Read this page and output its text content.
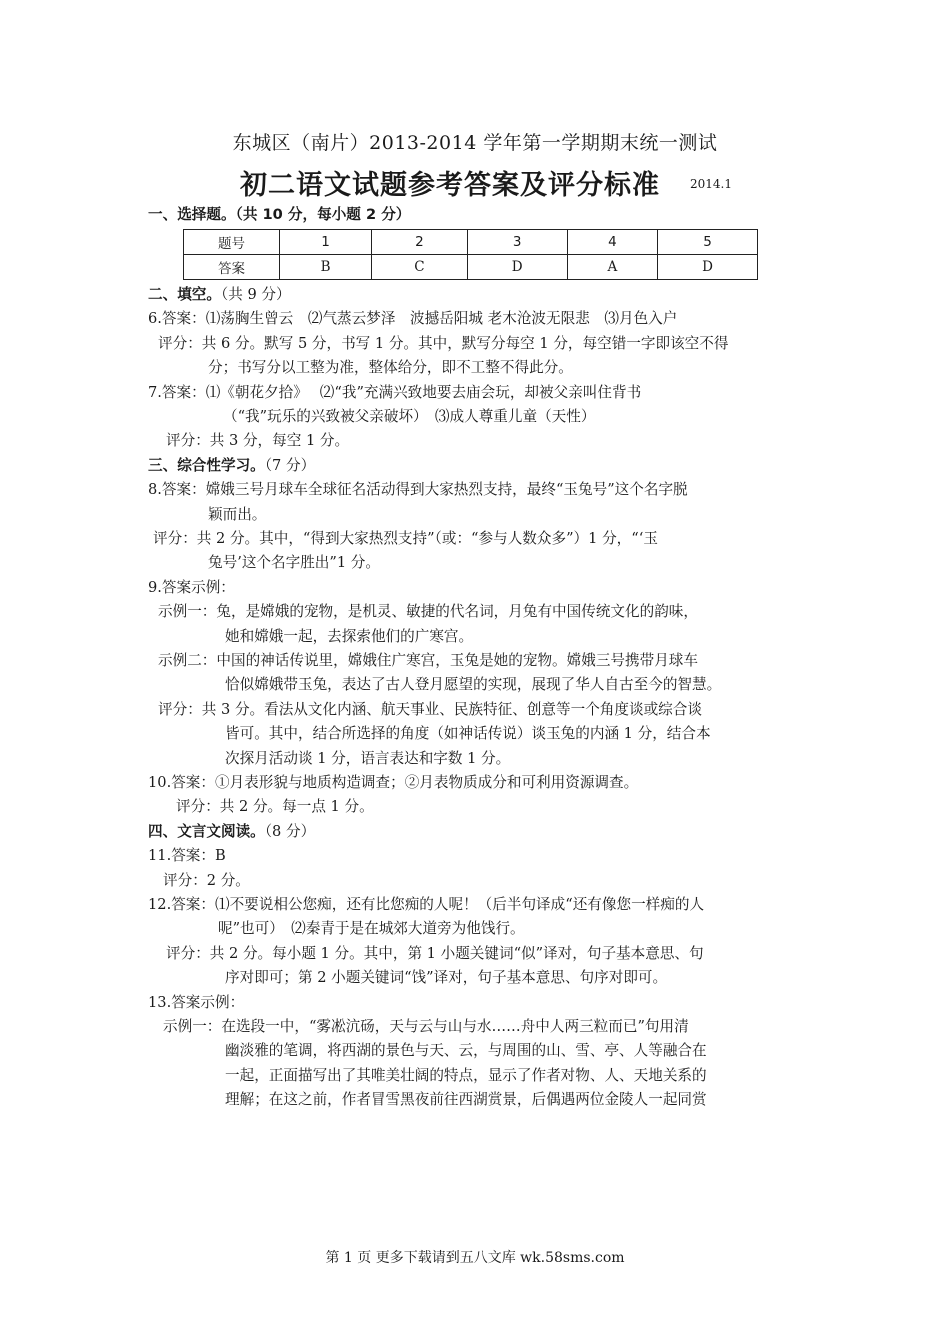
东城区（南片）2013-2014 学年第一学期期末统一测试
初二语文试题参考答案及评分标准	2014.1
一、选择题。（共 10 分，每小题 2 分）
题号	1	2	3	4	5
答案	B	C	D	A	D
二、填空。（共 9 分）
6.答案：⑴荡胸生曾云　⑵气蒸云梦泽　波撼岳阳城 老木沧波无限悲　⑶月色入户
评分：共 6 分。默写 5 分，书写 1 分。其中，默写分每空 1 分，每空错一字即该空不得
分；书写分以工整为准，整体给分，即不工整不得此分。
7.答案：⑴《朝花夕拾》　 ⑵“我”充满兴致地要去庙会玩，却被父亲叫住背书
（“我”玩乐的兴致被父亲破坏）　⑶成人尊重儿童（天性）
评分：共 3 分，每空 1 分。
三、综合性学习。（7 分）
8.答案：嫦娥三号月球车全球征名活动得到大家热烈支持，最终“玉兔号”这个名字脱
颖而出。
评分：共 2 分。其中，“得到大家热烈支持”（或：“参与人数众多”）1 分，“‘玉
兔号’这个名字胜出”1 分。
9.答案示例：
示例一：兔，是嫦娥的宠物，是机灵、敏捷的代名词，月兔有中国传统文化的韵味，
她和嫦娥一起，去探索他们的广寒宫。
示例二：中国的神话传说里，嫦娥住广寒宫，玉兔是她的宠物。嫦娥三号携带月球车
恰似嫦娥带玉兔，表达了古人登月愿望的实现，展现了华人自古至今的智慧。
评分：共 3 分。看法从文化内涵、航天事业、民族特征、创意等一个角度谈或综合谈
皆可。其中，结合所选择的角度（如神话传说）谈玉兔的内涵 1 分，结合本
次探月活动谈 1 分，语言表达和字数 1 分。
10.答案：①月表形貌与地质构造调查；②月表物质成分和可利用资源调查。
评分：共 2 分。每一点 1 分。
四、文言文阅读。（8 分）
11.答案：B
评分：2 分。
12.答案：⑴不要说相公您痴，还有比您痴的人呢！（后半句译成“还有像您一样痴的人
呢”也可）　⑵秦青于是在城郊大道旁为他饯行。
评分：共 2 分。每小题 1 分。其中，第 1 小题关键词“似”译对，句子基本意思、句
序对即可；第 2 小题关键词“饯”译对，句子基本意思、句序对即可。
13.答案示例：
示例一：在选段一中，“雾凇沆砀，天与云与山与水……舟中人两三粒而已”句用清
幽淡雅的笔调，将西湖的景色与天、云，与周围的山、雪、亭、人等融合在
一起，正面描写出了其唯美壮阔的特点，显示了作者对物、人、天地关系的
理解；在这之前，作者冒雪黑夜前往西湖赏景，后偶遇两位金陵人一起同赏
第 1 页 更多下载请到五八文库 wk.58sms.com
